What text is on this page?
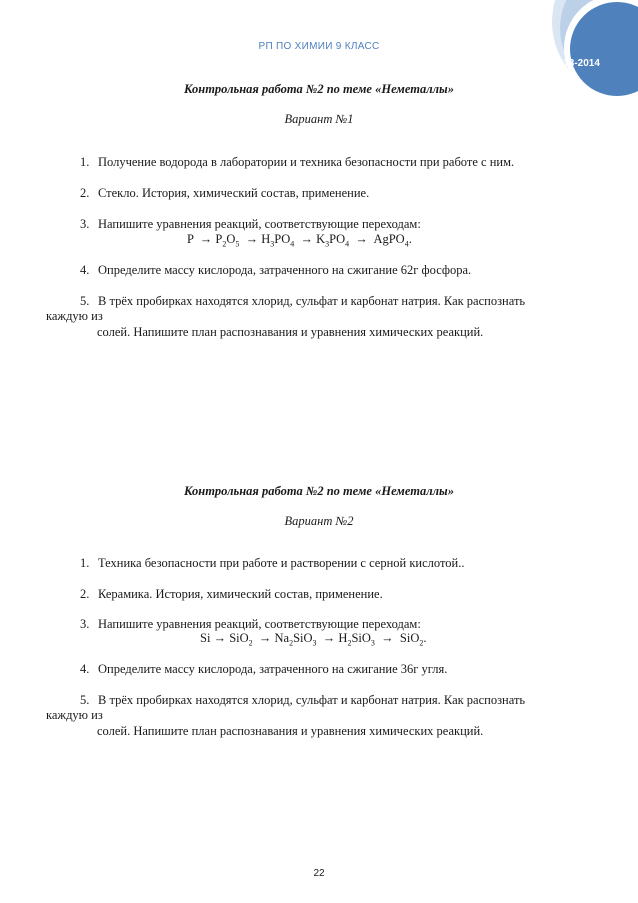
РП ПО ХИМИИ 9 КЛАСС
2013-2014
Контрольная работа №2 по теме «Неметаллы»
Вариант №1
1. Получение водорода в лаборатории и техника безопасности при работе с ним.
2. Стекло. История, химический состав, применение.
3. Напишите уравнения реакций, соответствующие переходам:
$P \to P_2O_5 \to H_3PO_4 \to K_3PO_4$ → AgPO$_4$.
4. Определите массу кислорода, затраченного на сжигание 62г фосфора.
5. В трёх пробирках находятся хлорид, сульфат и карбонат натрия. Как распознать
каждую из
солей. Напишите план распознавания и уравнения химических реакций.
Контрольная работа №2 по теме «Неметаллы»
Вариант №2
1. Техника безопасности при работе и растворении с серной кислотой..
2. Керамика. История, химический состав, применение.
3. Напишите уравнения реакций, соответствующие переходам:
$Si \to SiO_2 \to Na_2SiO_3 \to H_2SiO_3 \to SiO_2$.
4. Определите массу кислорода, затраченного на сжигание 36г угля.
5. В трёх пробирках находятся хлорид, сульфат и карбонат натрия. Как распознать
каждую из
солей. Напишите план распознавания и уравнения химических реакций.
22
